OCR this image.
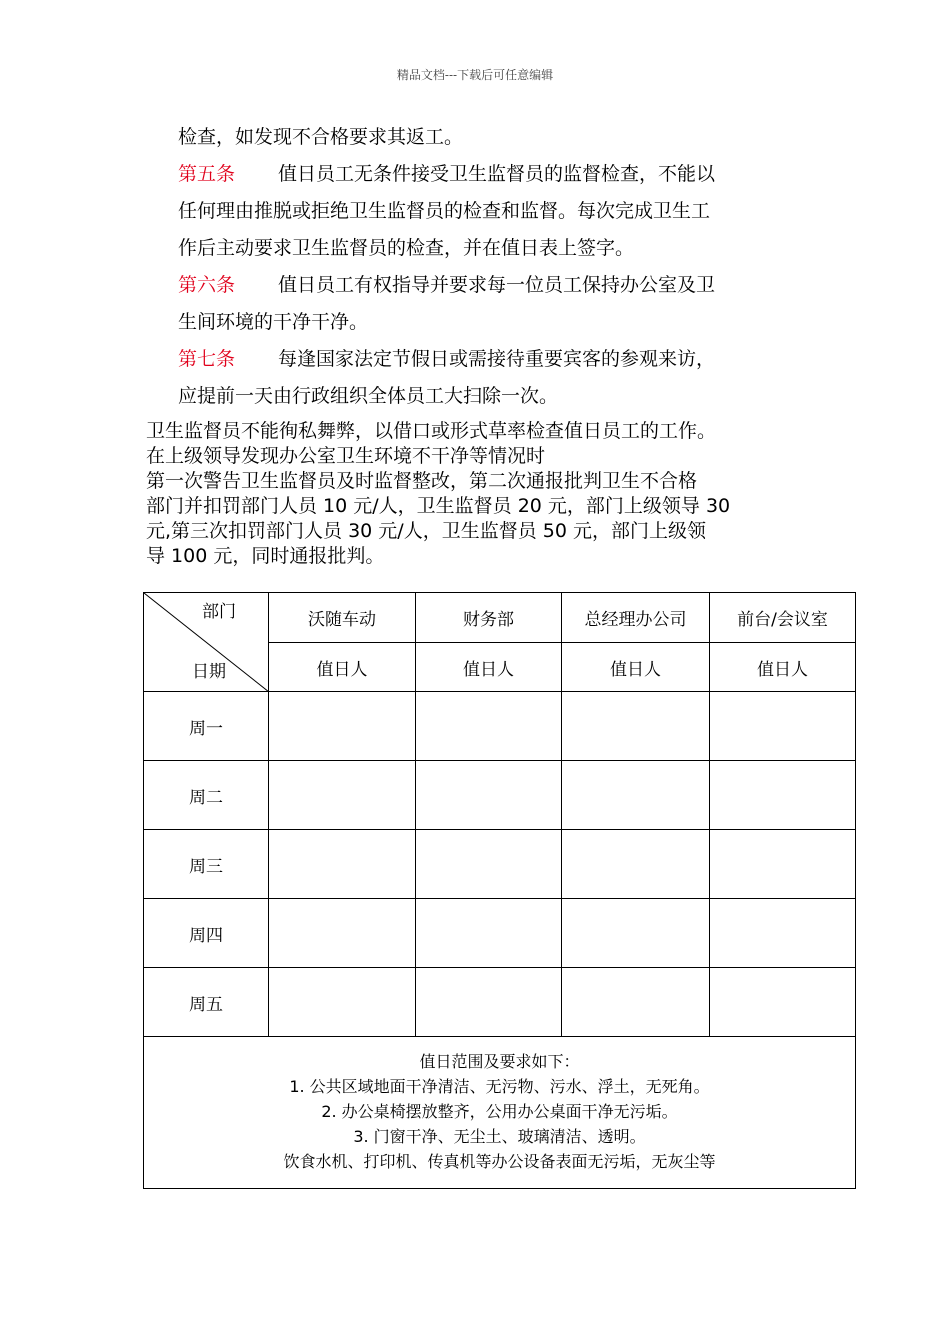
精品文档---下载后可任意编辑
检查，如发现不合格要求其返工。
第五条 值日员工无条件接受卫生监督员的监督检查，不能以
任何理由推脱或拒绝卫生监督员的检查和监督。每次完成卫生工
作后主动要求卫生监督员的检查，并在值日表上签字。
第六条 值日员工有权指导并要求每一位员工保持办公室及卫
生间环境的干净干净。
第七条 每逢国家法定节假日或需接待重要宾客的参观来访，
应提前一天由行政组织全体员工大扫除一次。
卫生监督员不能徇私舞弊，以借口或形式草率检查值日员工的工作。
在上级领导发现办公室卫生环境不干净等情况时
第一次警告卫生监督员及时监督整改，第二次通报批判卫生不合格
部门并扣罚部门人员 10 元/人，卫生监督员 20 元，部门上级领导 30
元,第三次扣罚部门人员 30 元/人，卫生监督员 50 元，部门上级领
导 100 元，同时通报批判。
部门
日期	沃随车动	财务部	总经理办公司	前台/会议室
	值日人	值日人	值日人	值日人
周一				
周二				
周三				
周四				
周五				

值日范围及要求如下：
1. 公共区域地面干净清洁、无污物、污水、浮土，无死角。
2. 办公桌椅摆放整齐，公用办公桌面干净无污垢。
3. 门窗干净、无尘土、玻璃清洁、透明。
饮食水机、打印机、传真机等办公设备表面无污垢，无灰尘等				
